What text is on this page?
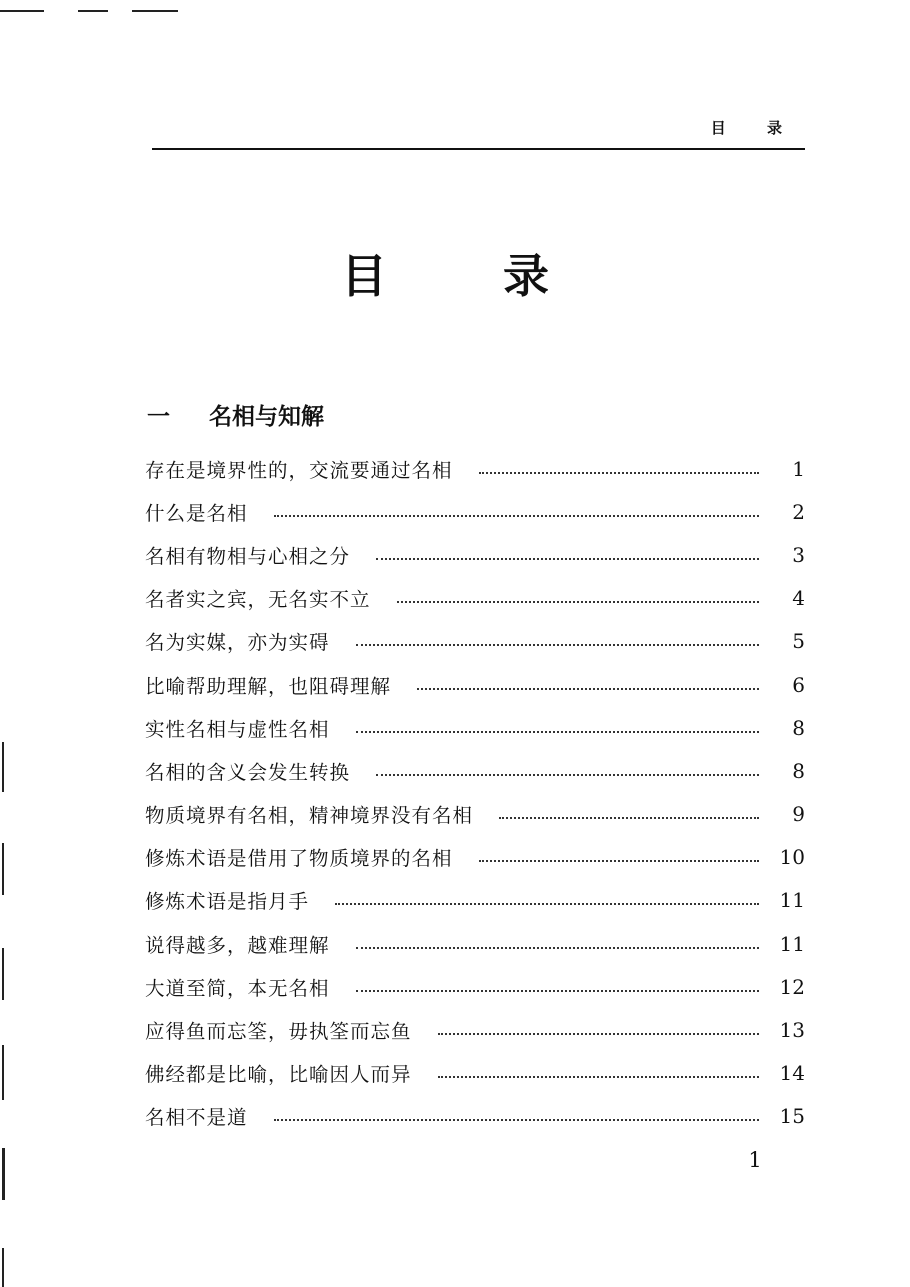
目 录
目 录
一	名相与知解
存在是境界性的，交流要通过名相	1
什么是名相	2
名相有物相与心相之分	3
名者实之宾，无名实不立	4
名为实媒，亦为实碍	5
比喻帮助理解，也阻碍理解	6
实性名相与虚性名相	8
名相的含义会发生转换	8
物质境界有名相，精神境界没有名相	9
修炼术语是借用了物质境界的名相	10
修炼术语是指月手	11
说得越多，越难理解	11
大道至简，本无名相	12
应得鱼而忘筌，毋执筌而忘鱼	13
佛经都是比喻，比喻因人而异	14
名相不是道	15
1
